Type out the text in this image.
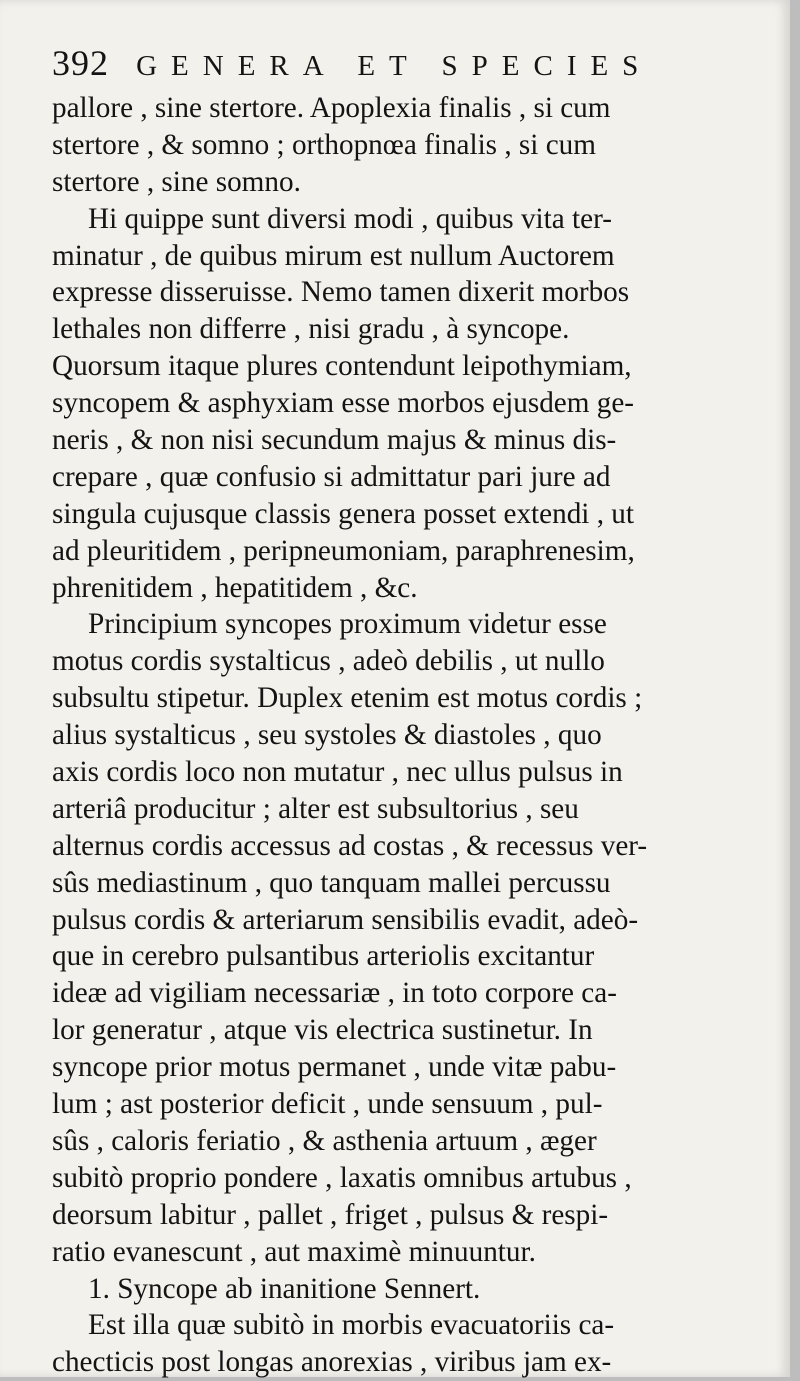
392 GENERA ET SPECIES
pallore , sine stertore. Apoplexia finalis , si cum
stertore , & somno ; orthopnœa finalis , si cum
stertore , sine somno.
Hi quippe sunt diversi modi , quibus vita ter-
minatur , de quibus mirum est nullum Auctorem
expresse disseruisse. Nemo tamen dixerit morbos
lethales non differre , nisi gradu , à syncope.
Quorsum itaque plures contendunt leipothymiam,
syncopem & asphyxiam esse morbos ejusdem ge-
neris , & non nisi secundum majus & minus dis-
crepare , quæ confusio si admittatur pari jure ad
singula cujusque classis genera posset extendi , ut
ad pleuritidem , peripneumoniam, paraphrenesim,
phrenitidem , hepatitidem , &c.
Principium syncopes proximum videtur esse
motus cordis systalticus , adeò debilis , ut nullo
subsultu stipetur. Duplex etenim est motus cordis ;
alius systalticus , seu systoles & diastoles , quo
axis cordis loco non mutatur , nec ullus pulsus in
arteriâ producitur ; alter est subsultorius , seu
alternus cordis accessus ad costas , & recessus ver-
sûs mediastinum , quo tanquam mallei percussu
pulsus cordis & arteriarum sensibilis evadit, adeò-
que in cerebro pulsantibus arteriolis excitantur
ideæ ad vigiliam necessariæ , in toto corpore ca-
lor generatur , atque vis electrica sustinetur. In
syncope prior motus permanet , unde vitæ pabu-
lum ; ast posterior deficit , unde sensuum , pul-
sûs , caloris feriatio , & asthenia artuum , æger
subitò proprio pondere , laxatis omnibus artubus ,
deorsum labitur , pallet , friget , pulsus & respi-
ratio evanescunt , aut maximè minuuntur.
1. Syncope ab inanitione Sennert.
Est illa quæ subitò in morbis evacuatoriis ca-
checticis post longas anorexias , viribus jam ex-
